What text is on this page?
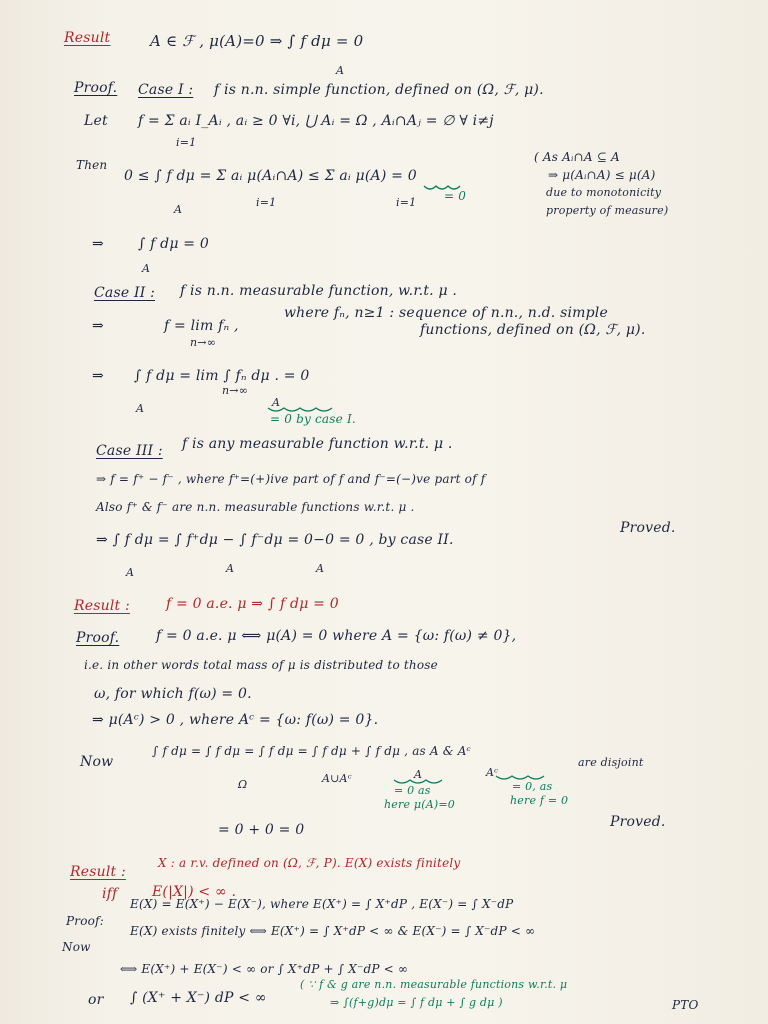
Result	A ∈ ℱ , μ(A)=0 ⇒ ∫ f dμ = 0
A
Proof. Case I : f is n.n. simple function, defined on (Ω, ℱ, μ).
Let f = Σ aᵢ I_Aᵢ , aᵢ ≥ 0 ∀i, ⋃ Aᵢ = Ω , Aᵢ∩Aⱼ = ∅ ∀ i≠j
i=1
Then
0 ≤ ∫ f dμ = Σ aᵢ μ(Aᵢ∩A) ≤ Σ aᵢ μ(A) = 0
A
i=1	i=1 = 0
( As Aᵢ∩A ⊆ A
⇒ μ(Aᵢ∩A) ≤ μ(A)
due to monotonicity
property of measure)
⇒ ∫ f dμ = 0
A
Case II : f is n.n. measurable function, w.r.t. μ .
⇒	f = lim fₙ ,
n→∞
where fₙ, n≥1 : sequence of n.n., n.d. simple
functions, defined on (Ω, ℱ, μ).
⇒ ∫ f dμ = lim ∫ fₙ dμ . = 0
A
n→∞
A
= 0 by case I.
Case III : f is any measurable function w.r.t. μ .
⇒ f = f⁺ − f⁻ , where f⁺=(+)ive part of f and f⁻=(−)ve part of f
Also f⁺ & f⁻ are n.n. measurable functions w.r.t. μ .
⇒ ∫ f dμ = ∫ f⁺dμ − ∫ f⁻dμ = 0−0 = 0 , by case II.
Proved.
A	A	A
Result :	f = 0 a.e. μ ⇒ ∫ f dμ = 0
Proof.	f = 0 a.e. μ ⟺ μ(A) = 0 where A = {ω: f(ω) ≠ 0},
i.e. in other words total mass of μ is distributed to those
ω, for which f(ω) = 0.
⇒ μ(Aᶜ) > 0 , where Aᶜ = {ω: f(ω) = 0}.
Now
∫ f dμ = ∫ f dμ = ∫ f dμ = ∫ f dμ + ∫ f dμ , as A & Aᶜ
are disjoint
Ω	A∪Aᶜ	A	Aᶜ
= 0 as
here μ(A)=0
= 0, as
here f = 0
= 0 + 0 = 0	Proved.
Result :
X : a r.v. defined on (Ω, ℱ, P). E(X) exists finitely
iff E(|X|) < ∞ .
Proof:
E(X) = E(X⁺) − E(X⁻), where E(X⁺) = ∫ X⁺dP , E(X⁻) = ∫ X⁻dP
Now
E(X) exists finitely ⟺ E(X⁺) = ∫ X⁺dP < ∞ & E(X⁻) = ∫ X⁻dP < ∞
⟺ E(X⁺) + E(X⁻) < ∞ or ∫ X⁺dP + ∫ X⁻dP < ∞
or ∫ (X⁺ + X⁻) dP < ∞
( ∵ f & g are n.n. measurable functions w.r.t. μ
⇒ ∫(f+g)dμ = ∫ f dμ + ∫ g dμ )	PTO
